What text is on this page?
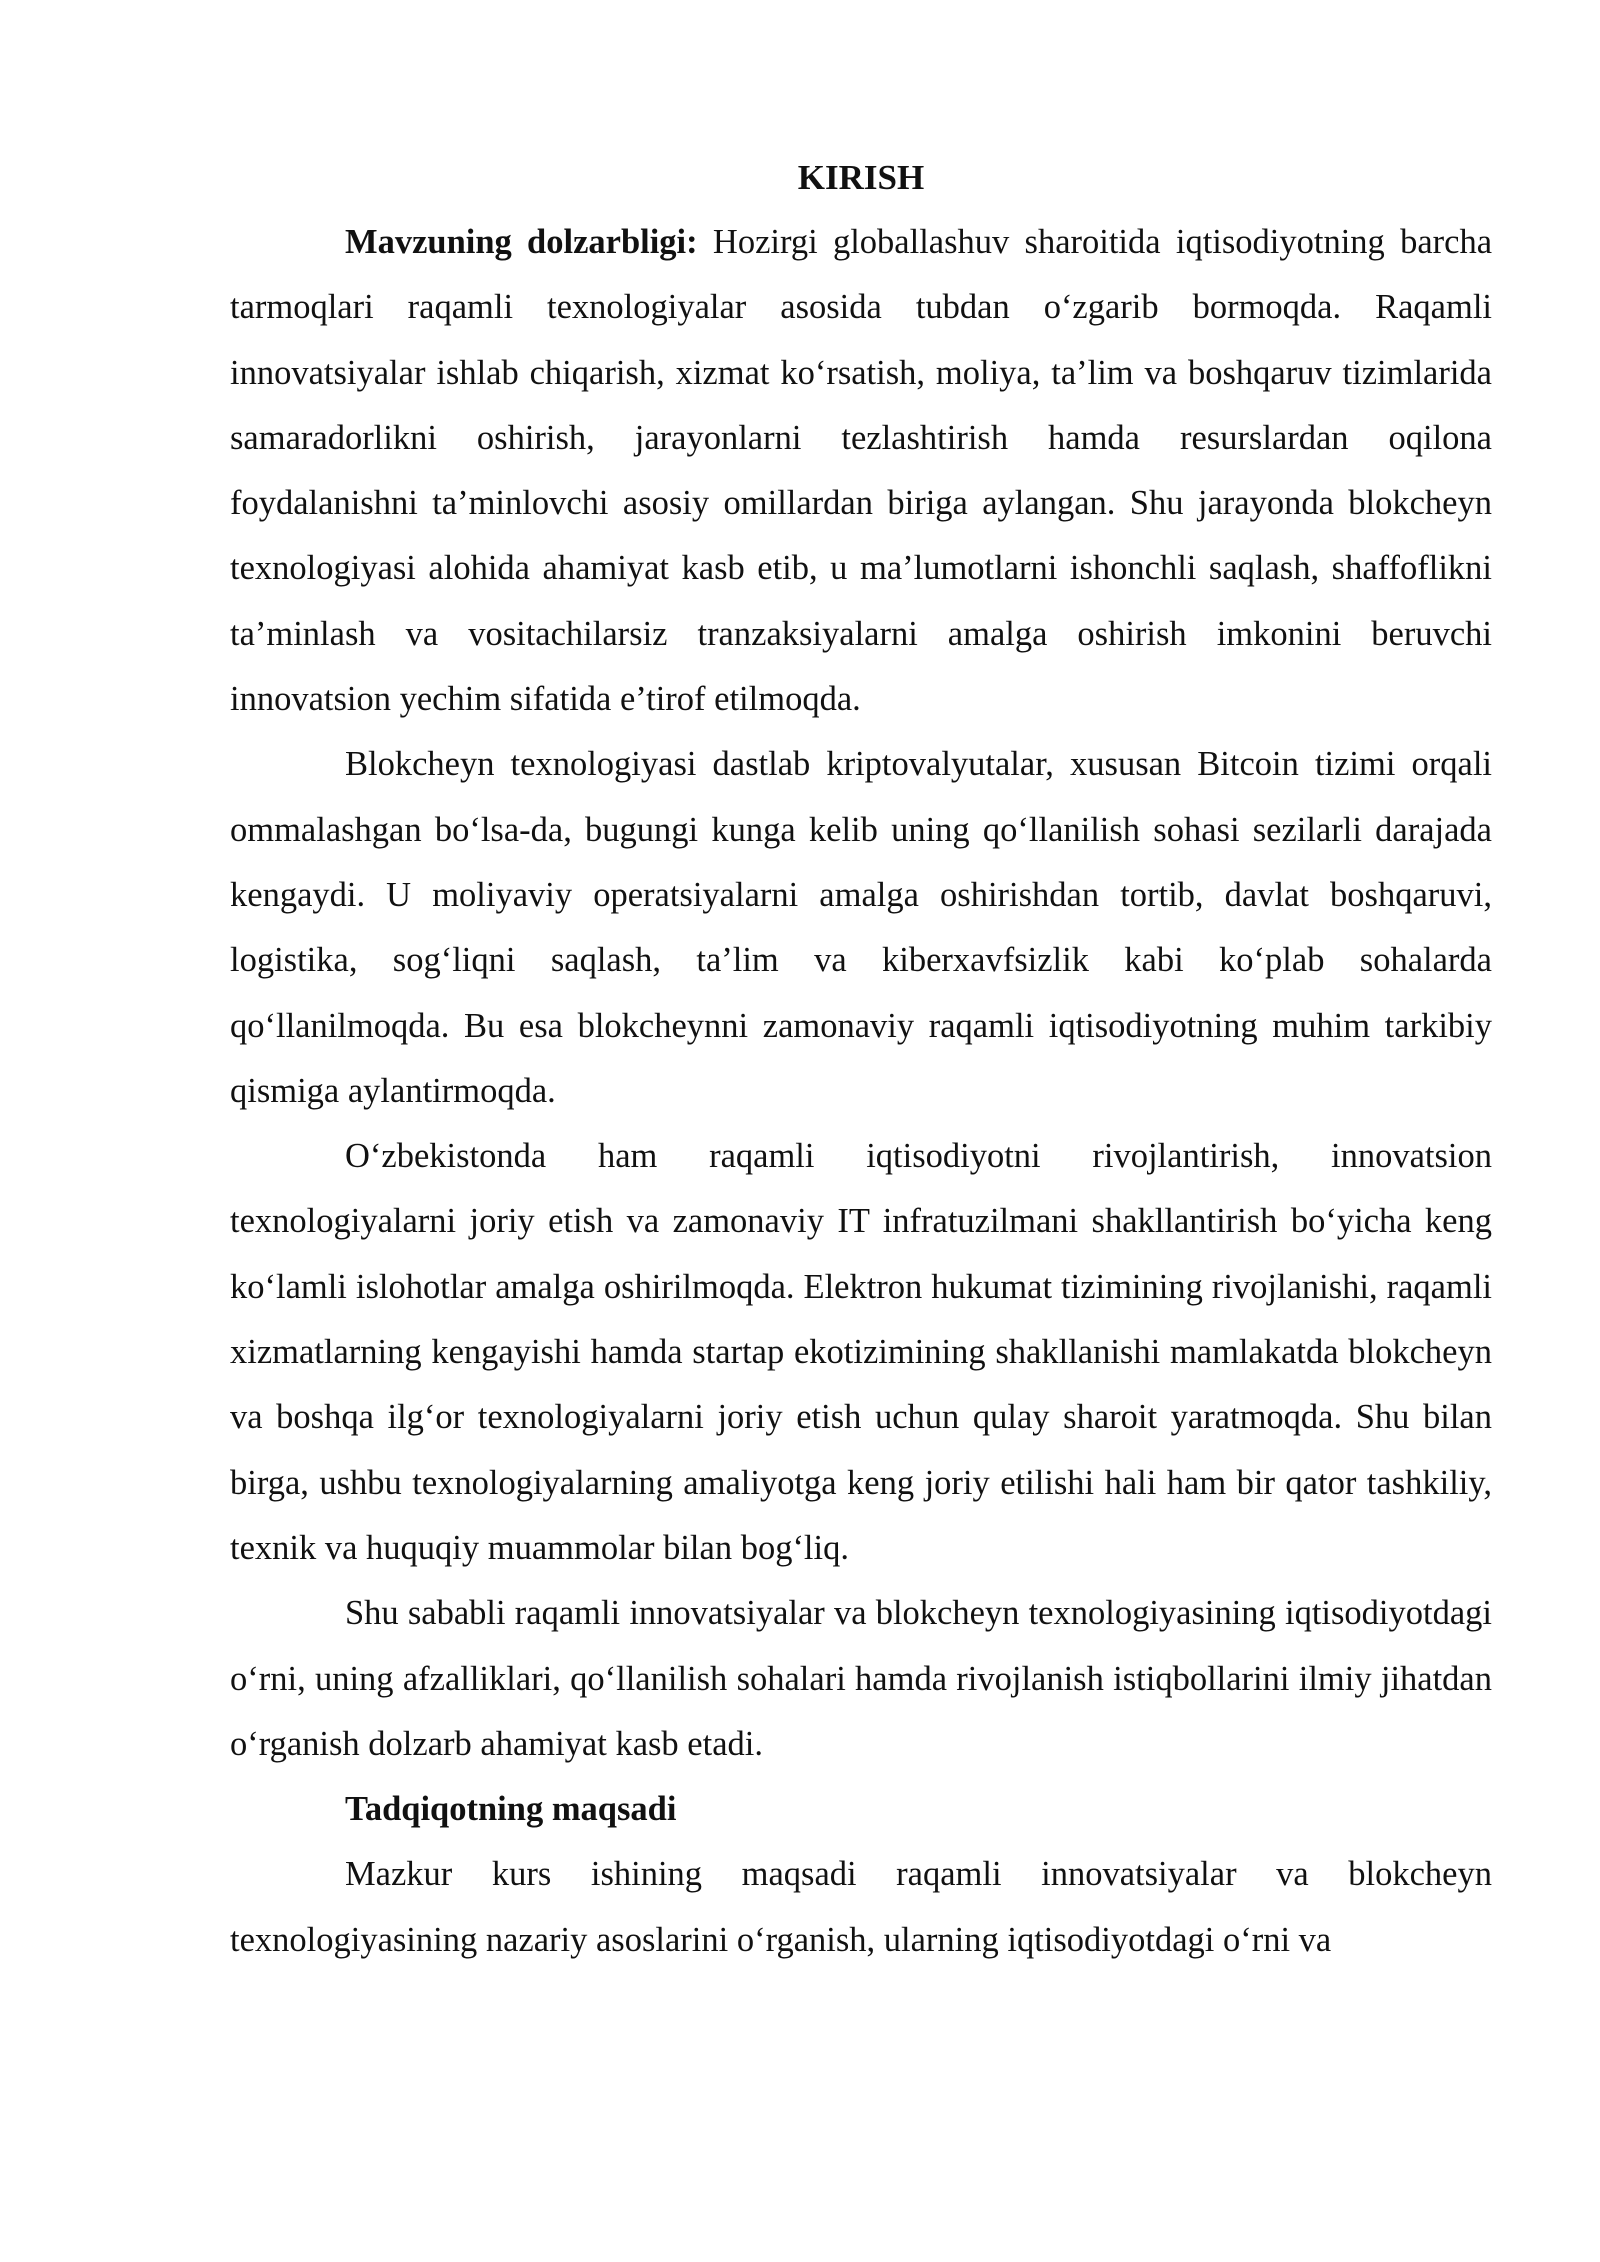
KIRISH

Mavzuning dolzarbligi: Hozirgi globallashuv sharoitida iqtisodiyotning barcha tarmoqlari raqamli texnologiyalar asosida tubdan o‘zgarib bormoqda. Raqamli innovatsiyalar ishlab chiqarish, xizmat ko‘rsatish, moliya, ta’lim va boshqaruv tizimlarida samaradorlikni oshirish, jarayonlarni tezlashtirish hamda resurslardan oqilona foydalanishni ta’minlovchi asosiy omillardan biriga aylangan. Shu jarayonda blokcheyn texnologiyasi alohida ahamiyat kasb etib, u ma’lumotlarni ishonchli saqlash, shaffoflikni ta’minlash va vositachilarsiz tranzaksiyalarni amalga oshirish imkonini beruvchi innovatsion yechim sifatida e’tirof etilmoqda.

Blokcheyn texnologiyasi dastlab kriptovalyutalar, xususan Bitcoin tizimi orqali ommalashgan bo‘lsa-da, bugungi kunga kelib uning qo‘llanilish sohasi sezilarli darajada kengaydi. U moliyaviy operatsiyalarni amalga oshirishdan tortib, davlat boshqaruvi, logistika, sog‘liqni saqlash, ta’lim va kiberxavfsizlik kabi ko‘plab sohalarda qo‘llanilmoqda. Bu esa blokcheynni zamonaviy raqamli iqtisodiyotning muhim tarkibiy qismiga aylantirmoqda.

O‘zbekistonda ham raqamli iqtisodiyotni rivojlantirish, innovatsion texnologiyalarni joriy etish va zamonaviy IT infratuzilmani shakllantirish bo‘yicha keng ko‘lamli islohotlar amalga oshirilmoqda. Elektron hukumat tizimining rivojlanishi, raqamli xizmatlarning kengayishi hamda startap ekotizimining shakllanishi mamlakatda blokcheyn va boshqa ilg‘or texnologiyalarni joriy etish uchun qulay sharoit yaratmoqda. Shu bilan birga, ushbu texnologiyalarning amaliyotga keng joriy etilishi hali ham bir qator tashkiliy, texnik va huquqiy muammolar bilan bog‘liq.

Shu sababli raqamli innovatsiyalar va blokcheyn texnologiyasining iqtisodiyotdagi o‘rni, uning afzalliklari, qo‘llanilish sohalari hamda rivojlanish istiqbollarini ilmiy jihatdan o‘rganish dolzarb ahamiyat kasb etadi.

Tadqiqotning maqsadi

Mazkur kurs ishining maqsadi raqamli innovatsiyalar va blokcheyn texnologiyasining nazariy asoslarini o‘rganish, ularning iqtisodiyotdagi o‘rni va
